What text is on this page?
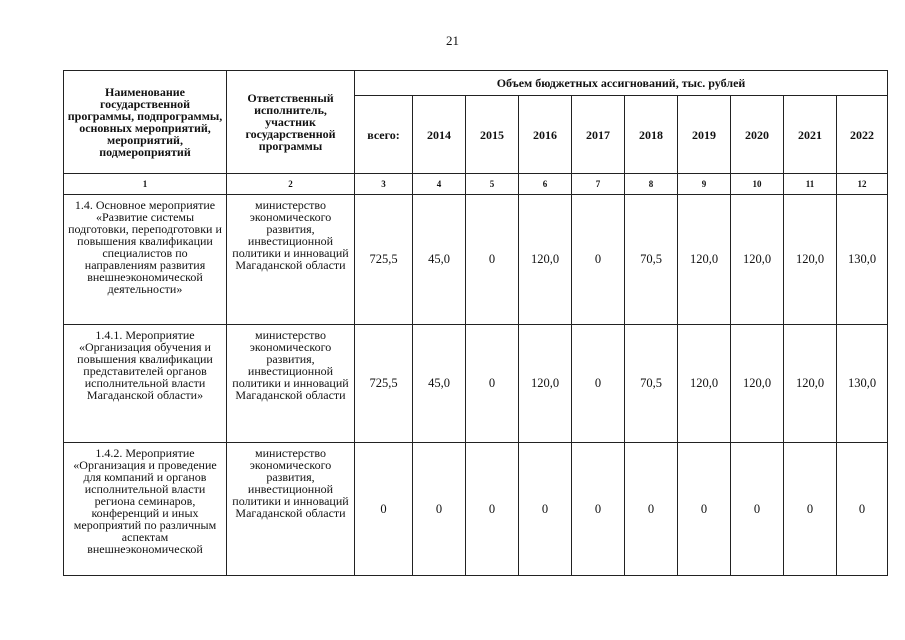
21
Наименование государственной программы, подпрограммы, основных мероприятий, мероприятий, подмероприятий	Ответственный исполнитель, участник государственной программы	Объем бюджетных ассигнований, тыс. рублей									
		всего:	2014	2015	2016	2017	2018	2019	2020	2021	2022
1	2	3	4	5	6	7	8	9	10	11	12
1.4. Основное мероприятие «Развитие системы подготовки, переподготовки и повышения квалификации специалистов по направлениям развития внешнеэкономической деятельности»	министерство экономического развития, инвестиционной политики и инноваций Магаданской области	725,5	45,0	0	120,0	0	70,5	120,0	120,0	120,0	130,0
1.4.1. Мероприятие «Организация обучения и повышения квалификации представителей органов исполнительной власти Магаданской области»	министерство экономического развития, инвестиционной политики и инноваций Магаданской области	725,5	45,0	0	120,0	0	70,5	120,0	120,0	120,0	130,0
1.4.2. Мероприятие «Организация и проведение для компаний и органов исполнительной власти региона семинаров, конференций и иных мероприятий по различным аспектам внешнеэкономической	министерство экономического развития, инвестиционной политики и инноваций Магаданской области	0	0	0	0	0	0	0	0	0	0
